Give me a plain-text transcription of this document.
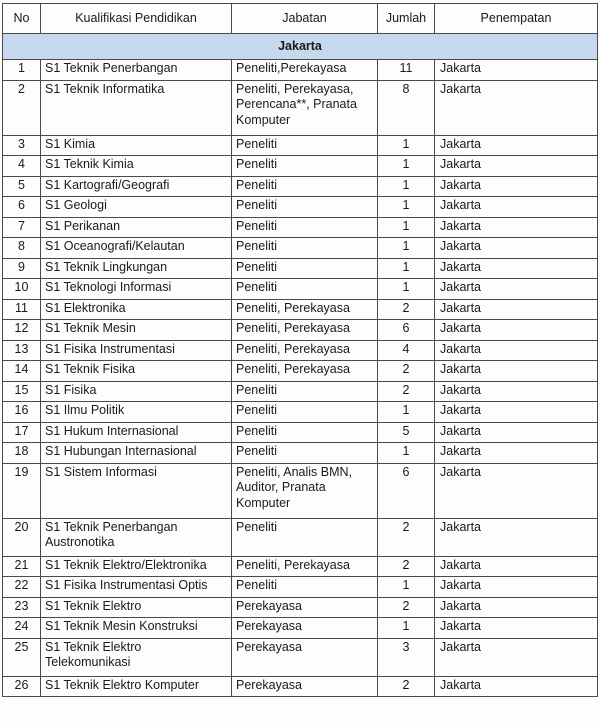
No	Kualifikasi Pendidikan	Jabatan	Jumlah	Penempatan
Jakarta				
1	S1 Teknik Penerbangan	Peneliti,Perekayasa	11	Jakarta
2	S1 Teknik Informatika	Peneliti, Perekayasa, Perencana**, Pranata Komputer	8	Jakarta
3	S1 Kimia	Peneliti	1	Jakarta
4	S1 Teknik Kimia	Peneliti	1	Jakarta
5	S1 Kartografi/Geografi	Peneliti	1	Jakarta
6	S1 Geologi	Peneliti	1	Jakarta
7	S1 Perikanan	Peneliti	1	Jakarta
8	S1 Oceanografi/Kelautan	Peneliti	1	Jakarta
9	S1 Teknik Lingkungan	Peneliti	1	Jakarta
10	S1 Teknologi Informasi	Peneliti	1	Jakarta
11	S1 Elektronika	Peneliti, Perekayasa	2	Jakarta
12	S1 Teknik Mesin	Peneliti, Perekayasa	6	Jakarta
13	S1 Fisika Instrumentasi	Peneliti, Perekayasa	4	Jakarta
14	S1 Teknik Fisika	Peneliti, Perekayasa	2	Jakarta
15	S1 Fisika	Peneliti	2	Jakarta
16	S1 Ilmu Politik	Peneliti	1	Jakarta
17	S1 Hukum Internasional	Peneliti	5	Jakarta
18	S1 Hubungan Internasional	Peneliti	1	Jakarta
19	S1 Sistem Informasi	Peneliti, Analis BMN, Auditor, Pranata Komputer	6	Jakarta
20	S1 Teknik Penerbangan Austronotika	Peneliti	2	Jakarta
21	S1 Teknik Elektro/Elektronika	Peneliti, Perekayasa	2	Jakarta
22	S1 Fisika Instrumentasi Optis	Peneliti	1	Jakarta
23	S1 Teknik Elektro	Perekayasa	2	Jakarta
24	S1 Teknik Mesin Konstruksi	Perekayasa	1	Jakarta
25	S1 Teknik Elektro Telekomunikasi	Perekayasa	3	Jakarta
26	S1 Teknik Elektro Komputer	Perekayasa	2	Jakarta
